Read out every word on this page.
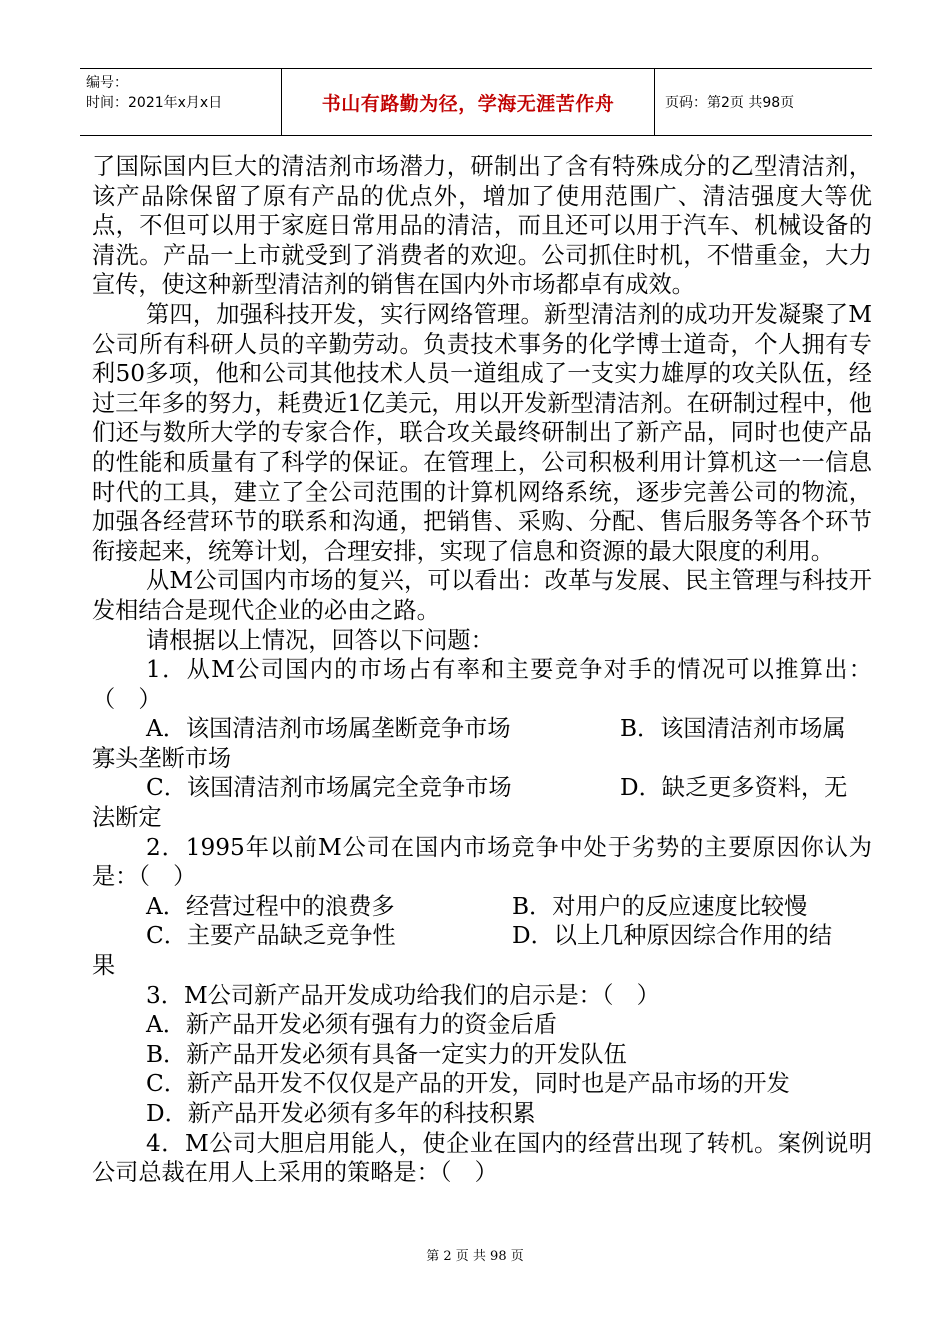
编号：
时间：2021年x月x日	书山有路勤为径，学海无涯苦作舟	页码：第2页 共98页

了国际国内巨大的清洁剂市场潜力，研制出了含有特殊成分的乙型清洁剂，该产品除保留了原有产品的优点外，增加了使用范围广、清洁强度大等优点，不但可以用于家庭日常用品的清洁，而且还可以用于汽车、机械设备的清洗。产品一上市就受到了消费者的欢迎。公司抓住时机，不惜重金，大力宣传，使这种新型清洁剂的销售在国内外市场都卓有成效。

第四，加强科技开发，实行网络管理。新型清洁剂的成功开发凝聚了M公司所有科研人员的辛勤劳动。负责技术事务的化学博士道奇，个人拥有专利50多项，他和公司其他技术人员一道组成了一支实力雄厚的攻关队伍，经过三年多的努力，耗费近1亿美元，用以开发新型清洁剂。在研制过程中，他们还与数所大学的专家合作，联合攻关最终研制出了新产品，同时也使产品的性能和质量有了科学的保证。在管理上，公司积极利用计算机这一一信息时代的工具，建立了全公司范围的计算机网络系统，逐步完善公司的物流，加强各经营环节的联系和沟通，把销售、采购、分配、售后服务等各个环节衔接起来，统筹计划，合理安排，实现了信息和资源的最大限度的利用。

从M公司国内市场的复兴，可以看出：改革与发展、民主管理与科技开发相结合是现代企业的必由之路。

请根据以上情况，回答以下问题：

1．从M公司国内的市场占有率和主要竞争对手的情况可以推算出：（　）

A．该国清洁剂市场属垄断竞争市场	B．该国清洁剂市场属

寡头垄断市场

C．该国清洁剂市场属完全竞争市场	D．缺乏更多资料，无

法断定

2．1995年以前M公司在国内市场竞争中处于劣势的主要原因你认为是：（　）

A．经营过程中的浪费多	B．对用户的反应速度比较慢
C．主要产品缺乏竞争性	D．以上几种原因综合作用的结

果

3．M公司新产品开发成功给我们的启示是：（　）

A．新产品开发必须有强有力的资金后盾

B．新产品开发必须有具备一定实力的开发队伍

C．新产品开发不仅仅是产品的开发，同时也是产品市场的开发

D．新产品开发必须有多年的科技积累

4．M公司大胆启用能人，使企业在国内的经营出现了转机。案例说明公司总裁在用人上采用的策略是：（　）

第 2 页 共 98 页
